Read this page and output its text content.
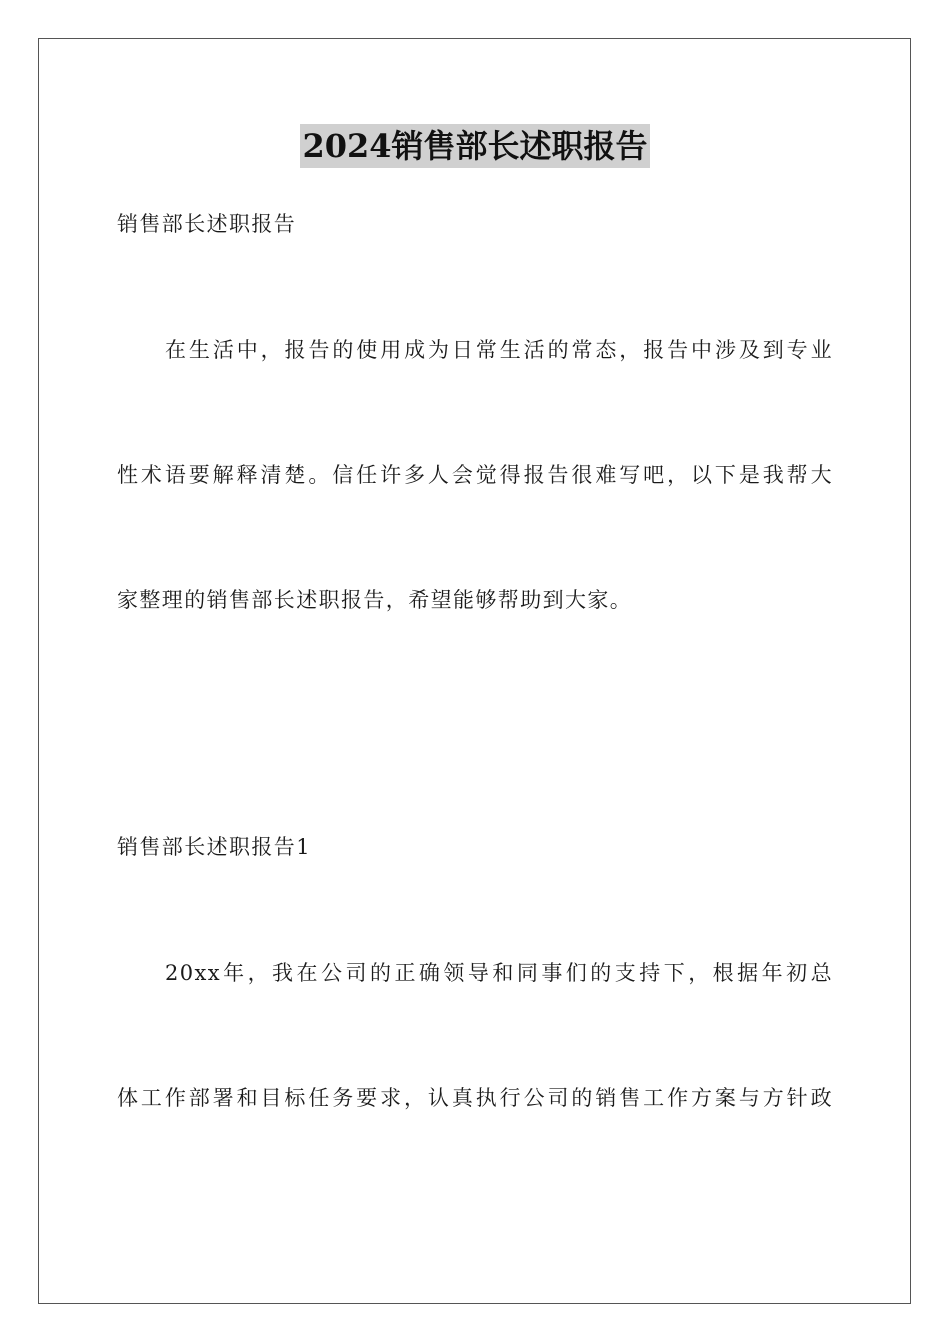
2024销售部长述职报告
销售部长述职报告
在生活中，报告的使用成为日常生活的常态，报告中涉及到专业
性术语要解释清楚。信任许多人会觉得报告很难写吧，以下是我帮大
家整理的销售部长述职报告，希望能够帮助到大家。
销售部长述职报告1
20xx年，我在公司的正确领导和同事们的支持下，根据年初总
体工作部署和目标任务要求，认真执行公司的销售工作方案与方针政
